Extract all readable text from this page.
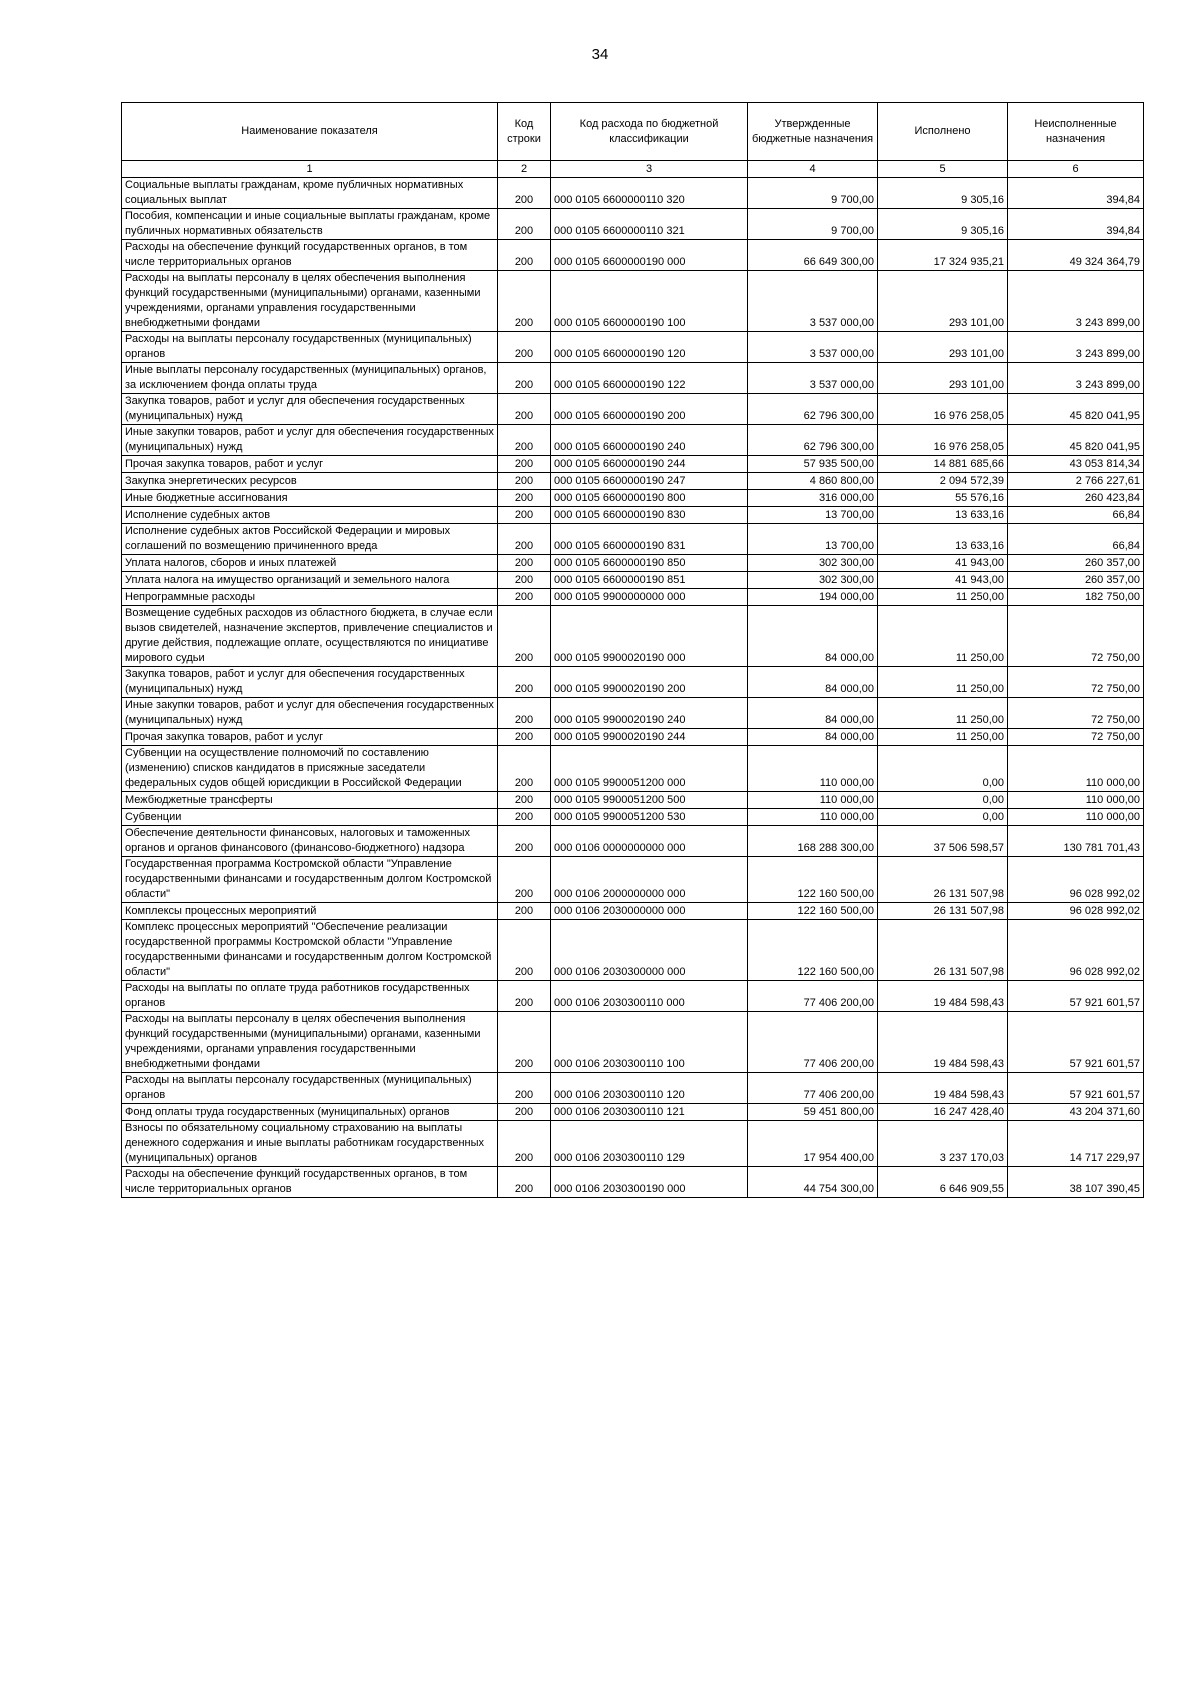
34
Наименование показателя	Код строки	Код расхода по бюджетной классификации	Утвержденные бюджетные назначения	Исполнено	Неисполненные назначения
1	2	3	4	5	6
Социальные выплаты гражданам, кроме публичных нормативных социальных выплат	200	000 0105 6600000110 320	9 700,00	9 305,16	394,84
Пособия, компенсации и иные социальные выплаты гражданам, кроме публичных нормативных обязательств	200	000 0105 6600000110 321	9 700,00	9 305,16	394,84
Расходы на обеспечение функций государственных органов, в том числе территориальных органов	200	000 0105 6600000190 000	66 649 300,00	17 324 935,21	49 324 364,79
Расходы на выплаты персоналу в целях обеспечения выполнения функций государственными (муниципальными) органами, казенными учреждениями, органами управления государственными внебюджетными фондами	200	000 0105 6600000190 100	3 537 000,00	293 101,00	3 243 899,00
Расходы на выплаты персоналу государственных (муниципальных) органов	200	000 0105 6600000190 120	3 537 000,00	293 101,00	3 243 899,00
Иные выплаты персоналу государственных (муниципальных) органов, за исключением фонда оплаты труда	200	000 0105 6600000190 122	3 537 000,00	293 101,00	3 243 899,00
Закупка товаров, работ и услуг для обеспечения государственных (муниципальных) нужд	200	000 0105 6600000190 200	62 796 300,00	16 976 258,05	45 820 041,95
Иные закупки товаров, работ и услуг для обеспечения государственных (муниципальных) нужд	200	000 0105 6600000190 240	62 796 300,00	16 976 258,05	45 820 041,95
Прочая закупка товаров, работ и услуг	200	000 0105 6600000190 244	57 935 500,00	14 881 685,66	43 053 814,34
Закупка энергетических ресурсов	200	000 0105 6600000190 247	4 860 800,00	2 094 572,39	2 766 227,61
Иные бюджетные ассигнования	200	000 0105 6600000190 800	316 000,00	55 576,16	260 423,84
Исполнение судебных актов	200	000 0105 6600000190 830	13 700,00	13 633,16	66,84
Исполнение судебных актов Российской Федерации и мировых соглашений по возмещению причиненного вреда	200	000 0105 6600000190 831	13 700,00	13 633,16	66,84
Уплата налогов, сборов и иных платежей	200	000 0105 6600000190 850	302 300,00	41 943,00	260 357,00
Уплата налога на имущество организаций и земельного налога	200	000 0105 6600000190 851	302 300,00	41 943,00	260 357,00
Непрограммные расходы	200	000 0105 9900000000 000	194 000,00	11 250,00	182 750,00
Возмещение судебных расходов из областного бюджета, в случае если вызов свидетелей, назначение экспертов, привлечение специалистов и другие действия, подлежащие оплате, осуществляются по инициативе мирового судьи	200	000 0105 9900020190 000	84 000,00	11 250,00	72 750,00
Закупка товаров, работ и услуг для обеспечения государственных (муниципальных) нужд	200	000 0105 9900020190 200	84 000,00	11 250,00	72 750,00
Иные закупки товаров, работ и услуг для обеспечения государственных (муниципальных) нужд	200	000 0105 9900020190 240	84 000,00	11 250,00	72 750,00
Прочая закупка товаров, работ и услуг	200	000 0105 9900020190 244	84 000,00	11 250,00	72 750,00
Субвенции на осуществление полномочий по составлению (изменению) списков кандидатов в присяжные заседатели федеральных судов общей юрисдикции в Российской Федерации	200	000 0105 9900051200 000	110 000,00	0,00	110 000,00
Межбюджетные трансферты	200	000 0105 9900051200 500	110 000,00	0,00	110 000,00
Субвенции	200	000 0105 9900051200 530	110 000,00	0,00	110 000,00
Обеспечение деятельности финансовых, налоговых и таможенных органов и органов финансового (финансово-бюджетного) надзора	200	000 0106 0000000000 000	168 288 300,00	37 506 598,57	130 781 701,43
Государственная программа Костромской области "Управление государственными финансами и государственным долгом Костромской области"	200	000 0106 2000000000 000	122 160 500,00	26 131 507,98	96 028 992,02
Комплексы процессных мероприятий	200	000 0106 2030000000 000	122 160 500,00	26 131 507,98	96 028 992,02
Комплекс процессных мероприятий "Обеспечение реализации государственной программы Костромской области "Управление государственными финансами и государственным долгом Костромской области"	200	000 0106 2030300000 000	122 160 500,00	26 131 507,98	96 028 992,02
Расходы на выплаты по оплате труда работников государственных органов	200	000 0106 2030300110 000	77 406 200,00	19 484 598,43	57 921 601,57
Расходы на выплаты персоналу в целях обеспечения выполнения функций государственными (муниципальными) органами, казенными учреждениями, органами управления государственными внебюджетными фондами	200	000 0106 2030300110 100	77 406 200,00	19 484 598,43	57 921 601,57
Расходы на выплаты персоналу государственных (муниципальных) органов	200	000 0106 2030300110 120	77 406 200,00	19 484 598,43	57 921 601,57
Фонд оплаты труда государственных (муниципальных) органов	200	000 0106 2030300110 121	59 451 800,00	16 247 428,40	43 204 371,60
Взносы по обязательному социальному страхованию на выплаты денежного содержания и иные выплаты работникам государственных (муниципальных) органов	200	000 0106 2030300110 129	17 954 400,00	3 237 170,03	14 717 229,97
Расходы на обеспечение функций государственных органов, в том числе территориальных органов	200	000 0106 2030300190 000	44 754 300,00	6 646 909,55	38 107 390,45
